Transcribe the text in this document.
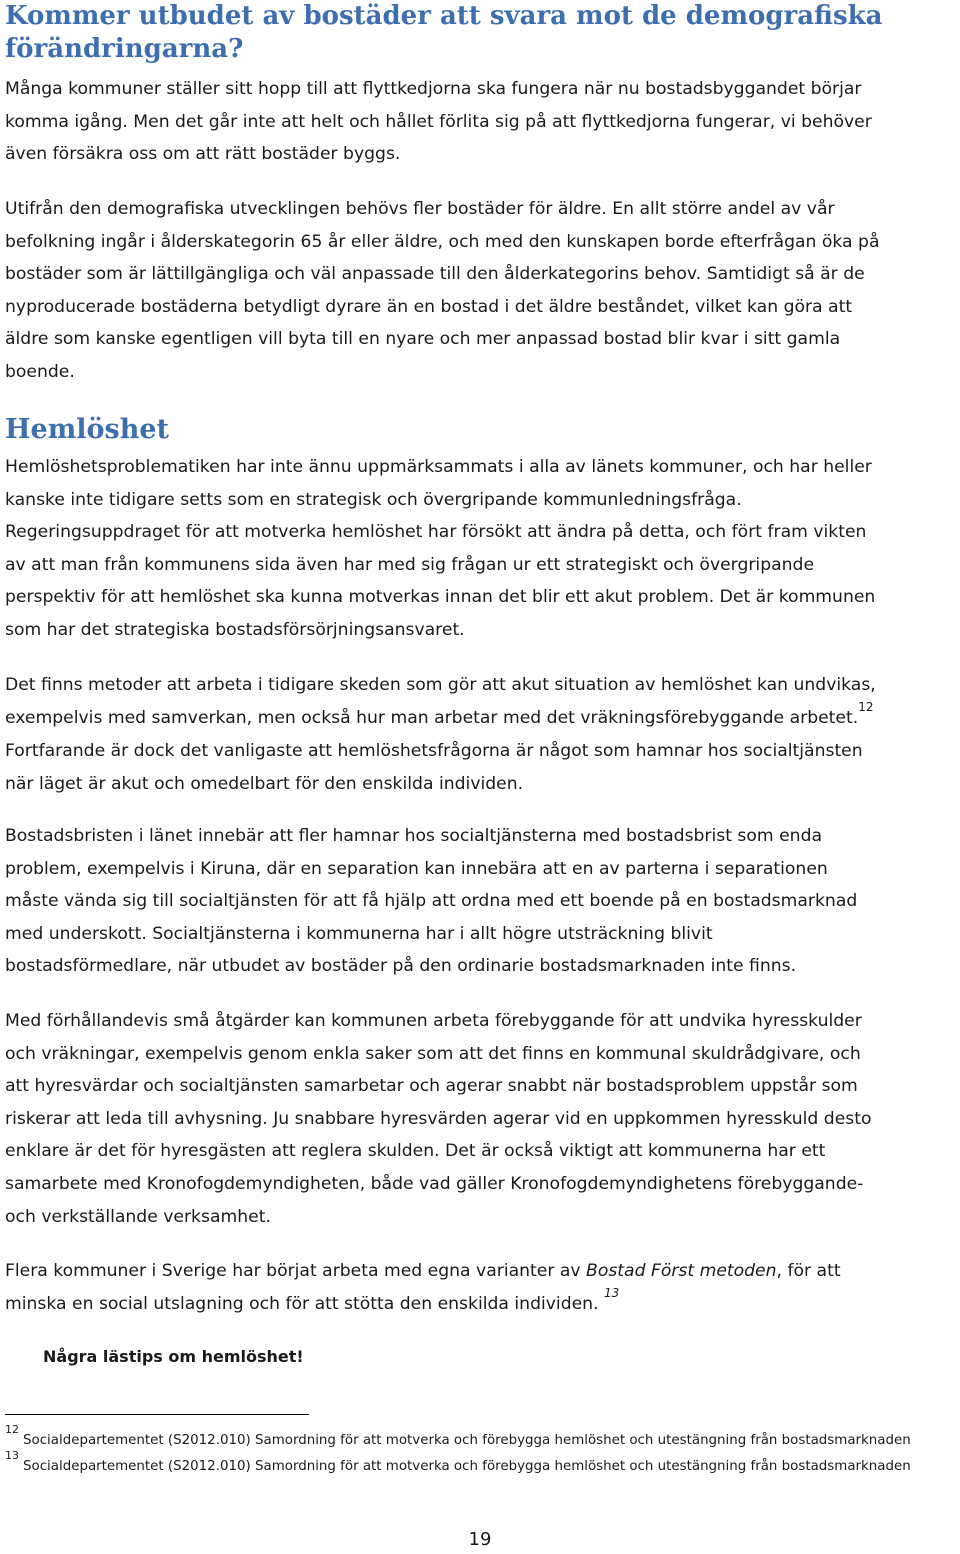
Kommer utbudet av bostäder att svara mot de demografiska
förändringarna?

Många kommuner ställer sitt hopp till att flyttkedjorna ska fungera när nu bostadsbyggandet börjar
komma igång. Men det går inte att helt och hållet förlita sig på att flyttkedjorna fungerar, vi behöver
även försäkra oss om att rätt bostäder byggs.

Utifrån den demografiska utvecklingen behövs fler bostäder för äldre. En allt större andel av vår
befolkning ingår i ålderskategorin 65 år eller äldre, och med den kunskapen borde efterfrågan öka på
bostäder som är lättillgängliga och väl anpassade till den ålderkategorins behov. Samtidigt så är de
nyproducerade bostäderna betydligt dyrare än en bostad i det äldre beståndet, vilket kan göra att
äldre som kanske egentligen vill byta till en nyare och mer anpassad bostad blir kvar i sitt gamla
boende.

Hemlöshet

Hemlöshetsproblematiken har inte ännu uppmärksammats i alla av länets kommuner, och har heller
kanske inte tidigare setts som en strategisk och övergripande kommunledningsfråga.
Regeringsuppdraget för att motverka hemlöshet har försökt att ändra på detta, och fört fram vikten
av att man från kommunens sida även har med sig frågan ur ett strategiskt och övergripande
perspektiv för att hemlöshet ska kunna motverkas innan det blir ett akut problem. Det är kommunen
som har det strategiska bostadsförsörjningsansvaret.

Det finns metoder att arbeta i tidigare skeden som gör att akut situation av hemlöshet kan undvikas,
exempelvis med samverkan, men också hur man arbetar med det vräkningsförebyggande arbetet.$^{12}$
Fortfarande är dock det vanligaste att hemlöshetsfrågorna är något som hamnar hos socialtjänsten
när läget är akut och omedelbart för den enskilda individen.

Bostadsbristen i länet innebär att fler hamnar hos socialtjänsterna med bostadsbrist som enda
problem, exempelvis i Kiruna, där en separation kan innebära att en av parterna i separationen
måste vända sig till socialtjänsten för att få hjälp att ordna med ett boende på en bostadsmarknad
med underskott. Socialtjänsterna i kommunerna har i allt högre utsträckning blivit
bostadsförmedlare, när utbudet av bostäder på den ordinarie bostadsmarknaden inte finns.

Med förhållandevis små åtgärder kan kommunen arbeta förebyggande för att undvika hyresskulder
och vräkningar, exempelvis genom enkla saker som att det finns en kommunal skuldrådgivare, och
att hyresvärdar och socialtjänsten samarbetar och agerar snabbt när bostadsproblem uppstår som
riskerar att leda till avhysning. Ju snabbare hyresvärden agerar vid en uppkommen hyresskuld desto
enklare är det för hyresgästen att reglera skulden. Det är också viktigt att kommunerna har ett
samarbete med Kronofogdemyndigheten, både vad gäller Kronofogdemyndighetens förebyggande-
och verkställande verksamhet.

Flera kommuner i Sverige har börjat arbeta med egna varianter av Bostad Först metoden, för att
minska en social utslagning och för att stötta den enskilda individen. $^{13}$

Några lästips om hemlöshet!

$^{12}$Socialdepartementet (S2012.010) Samordning för att motverka och förebygga hemlöshet och utestängning från bostadsmarknaden

$^{13}$Socialdepartementet (S2012.010) Samordning för att motverka och förebygga hemlöshet och utestängning från bostadsmarknaden

19
